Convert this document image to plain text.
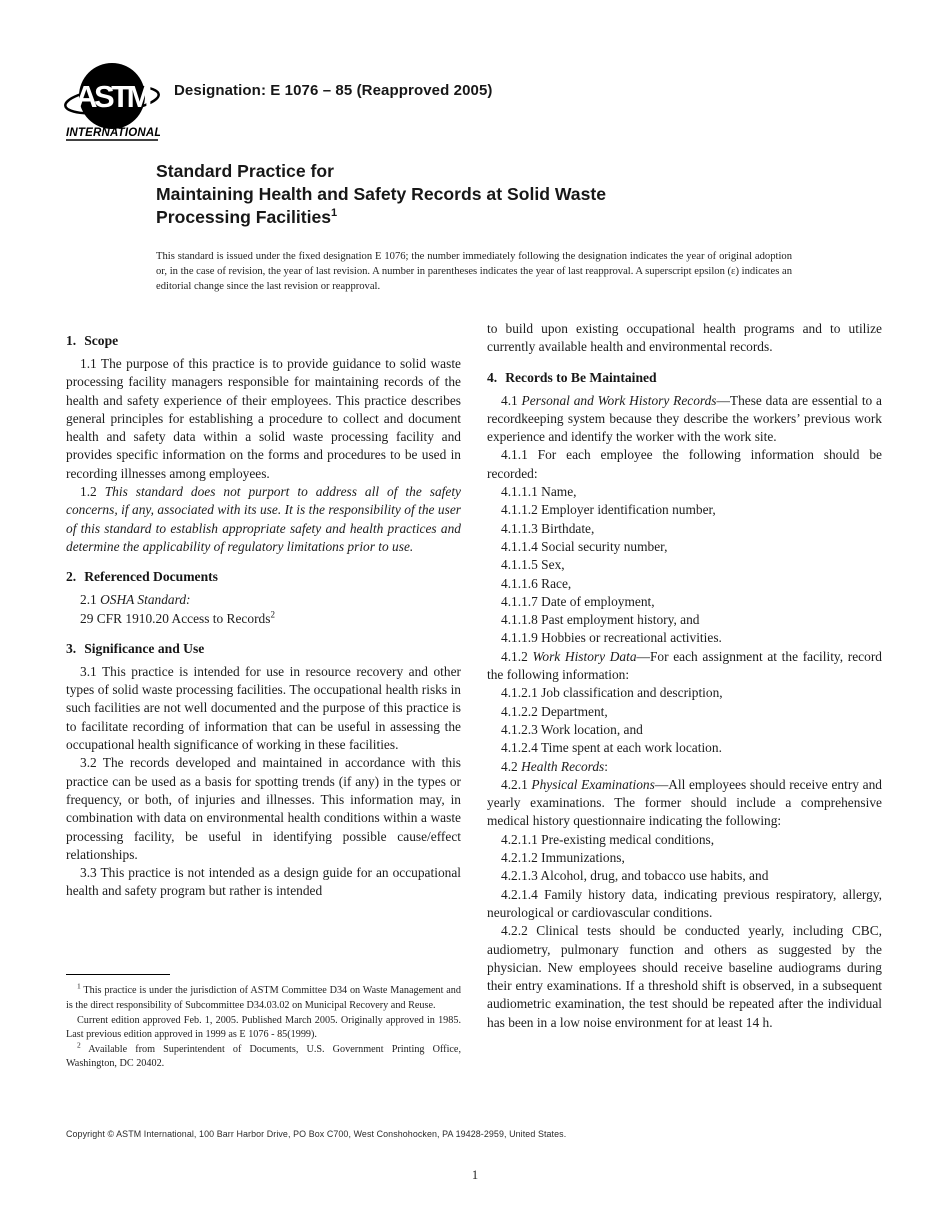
ASTM
INTERNATIONAL
Designation: E 1076 – 85 (Reapproved 2005)
Standard Practice for
Maintaining Health and Safety Records at Solid Waste
Processing Facilities$^1$
This standard is issued under the fixed designation E 1076; the number immediately following the designation indicates the year of original adoption or, in the case of revision, the year of last revision. A number in parentheses indicates the year of last reapproval. A superscript epsilon (ε) indicates an editorial change since the last revision or reapproval.
1. Scope

1.1 The purpose of this practice is to provide guidance to solid waste processing facility managers responsible for maintaining records of the health and safety experience of their employees. This practice describes general principles for establishing a procedure to collect and document health and safety data within a solid waste processing facility and provides specific information on the forms and procedures to be used in recording illnesses among employees.

1.2 This standard does not purport to address all of the safety concerns, if any, associated with its use. It is the responsibility of the user of this standard to establish appropriate safety and health practices and determine the applicability of regulatory limitations prior to use.

2. Referenced Documents

2.1 OSHA Standard:

29 CFR 1910.20 Access to Records$^2$

3. Significance and Use

3.1 This practice is intended for use in resource recovery and other types of solid waste processing facilities. The occupational health risks in such facilities are not well documented and the purpose of this practice is to facilitate recording of information that can be useful in assessing the occupational health significance of working in these facilities.

3.2 The records developed and maintained in accordance with this practice can be used as a basis for spotting trends (if any) in the types or frequency, or both, of injuries and illnesses. This information may, in combination with data on environmental health conditions within a waste processing facility, be useful in identifying possible cause/effect relationships.

3.3 This practice is not intended as a design guide for an occupational health and safety program but rather is intended

$^1$ This practice is under the jurisdiction of ASTM Committee D34 on Waste Management and is the direct responsibility of Subcommittee D34.03.02 on Municipal Recovery and Reuse.

Current edition approved Feb. 1, 2005. Published March 2005. Originally approved in 1985. Last previous edition approved in 1999 as E 1076 - 85(1999).

$^2$ Available from Superintendent of Documents, U.S. Government Printing Office, Washington, DC 20402.

to build upon existing occupational health programs and to utilize currently available health and environmental records.

4. Records to Be Maintained

4.1 Personal and Work History Records—These data are essential to a recordkeeping system because they describe the workers’ previous work experience and identify the worker with the work site.

4.1.1 For each employee the following information should be recorded:

4.1.1.1 Name,

4.1.1.2 Employer identification number,

4.1.1.3 Birthdate,

4.1.1.4 Social security number,

4.1.1.5 Sex,

4.1.1.6 Race,

4.1.1.7 Date of employment,

4.1.1.8 Past employment history, and

4.1.1.9 Hobbies or recreational activities.

4.1.2 Work History Data—For each assignment at the facility, record the following information:

4.1.2.1 Job classification and description,

4.1.2.2 Department,

4.1.2.3 Work location, and

4.1.2.4 Time spent at each work location.

4.2 Health Records:

4.2.1 Physical Examinations—All employees should receive entry and yearly examinations. The former should include a comprehensive medical history questionnaire indicating the following:

4.2.1.1 Pre-existing medical conditions,

4.2.1.2 Immunizations,

4.2.1.3 Alcohol, drug, and tobacco use habits, and

4.2.1.4 Family history data, indicating previous respiratory, allergy, neurological or cardiovascular conditions.

4.2.2 Clinical tests should be conducted yearly, including CBC, audiometry, pulmonary function and others as suggested by the physician. New employees should receive baseline audiograms during their entry examinations. If a threshold shift is observed, in a subsequent audiometric examination, the test should be repeated after the individual has been in a low noise environment for at least 14 h.

Copyright © ASTM International, 100 Barr Harbor Drive, PO Box C700, West Conshohocken, PA 19428-2959, United States.
1
